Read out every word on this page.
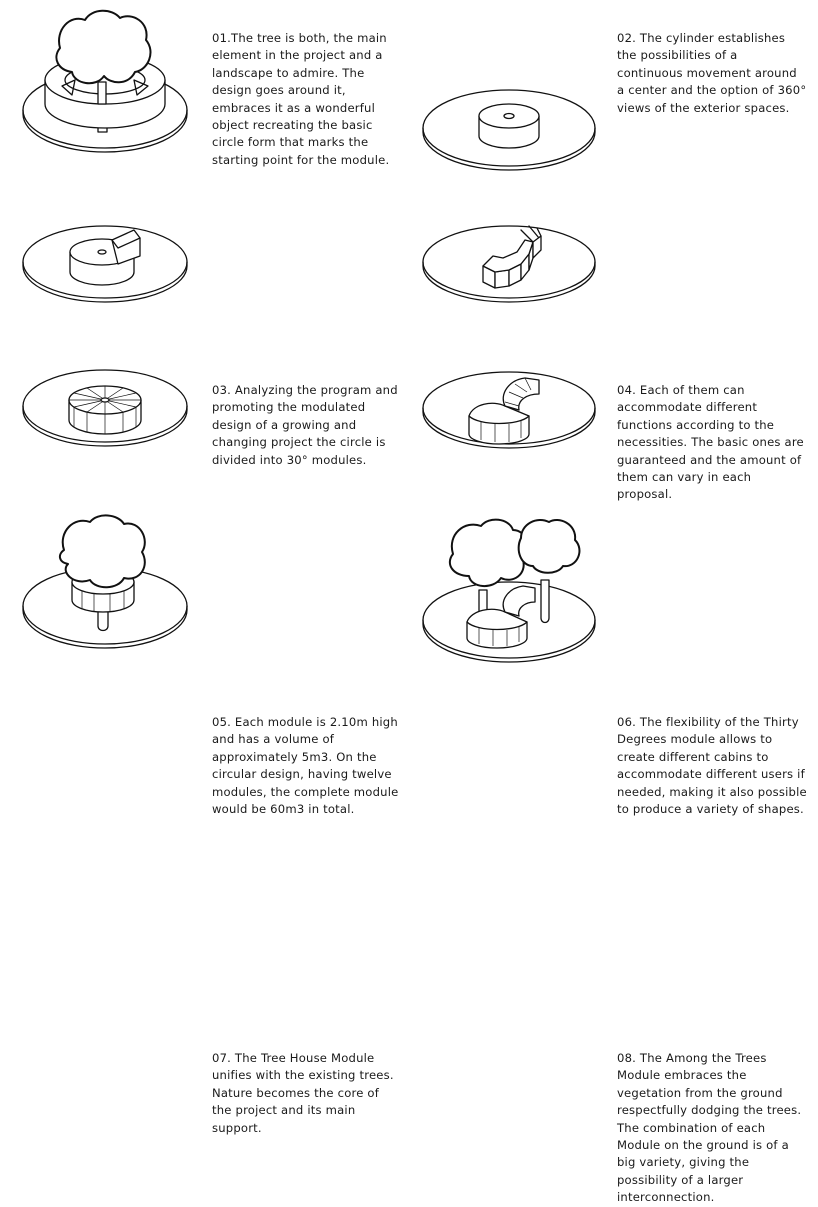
01.The tree is both, the main element in the project and a landscape to admire. The design goes around it, embraces it as a wonderful object recreating the basic circle form that marks the starting point for the module.
02. The cylinder establishes the possibilities of a continuous movement around a center and the option of 360° views of the exterior spaces.
03. Analyzing the program and promoting the modulated design of a growing and changing project the circle is divided into 30° modules.
04. Each of them can accommodate different functions according to the necessities. The basic ones are guaranteed and the amount of them can vary in each proposal.
05. Each module is 2.10m high and has a volume of approximately 5m3. On the circular design, having twelve modules, the complete module would be 60m3 in total.
06. The flexibility of the Thirty Degrees module allows to create different cabins to accommodate different users if needed, making it also possible to produce a variety of shapes.
07. The Tree House Module unifies with the existing trees. Nature becomes the core of the project and its main support.
08. The Among the Trees Module embraces the vegetation from the ground respectfully dodging the trees. The combination of each Module on the ground is of a big variety, giving the possibility of a larger interconnection.
